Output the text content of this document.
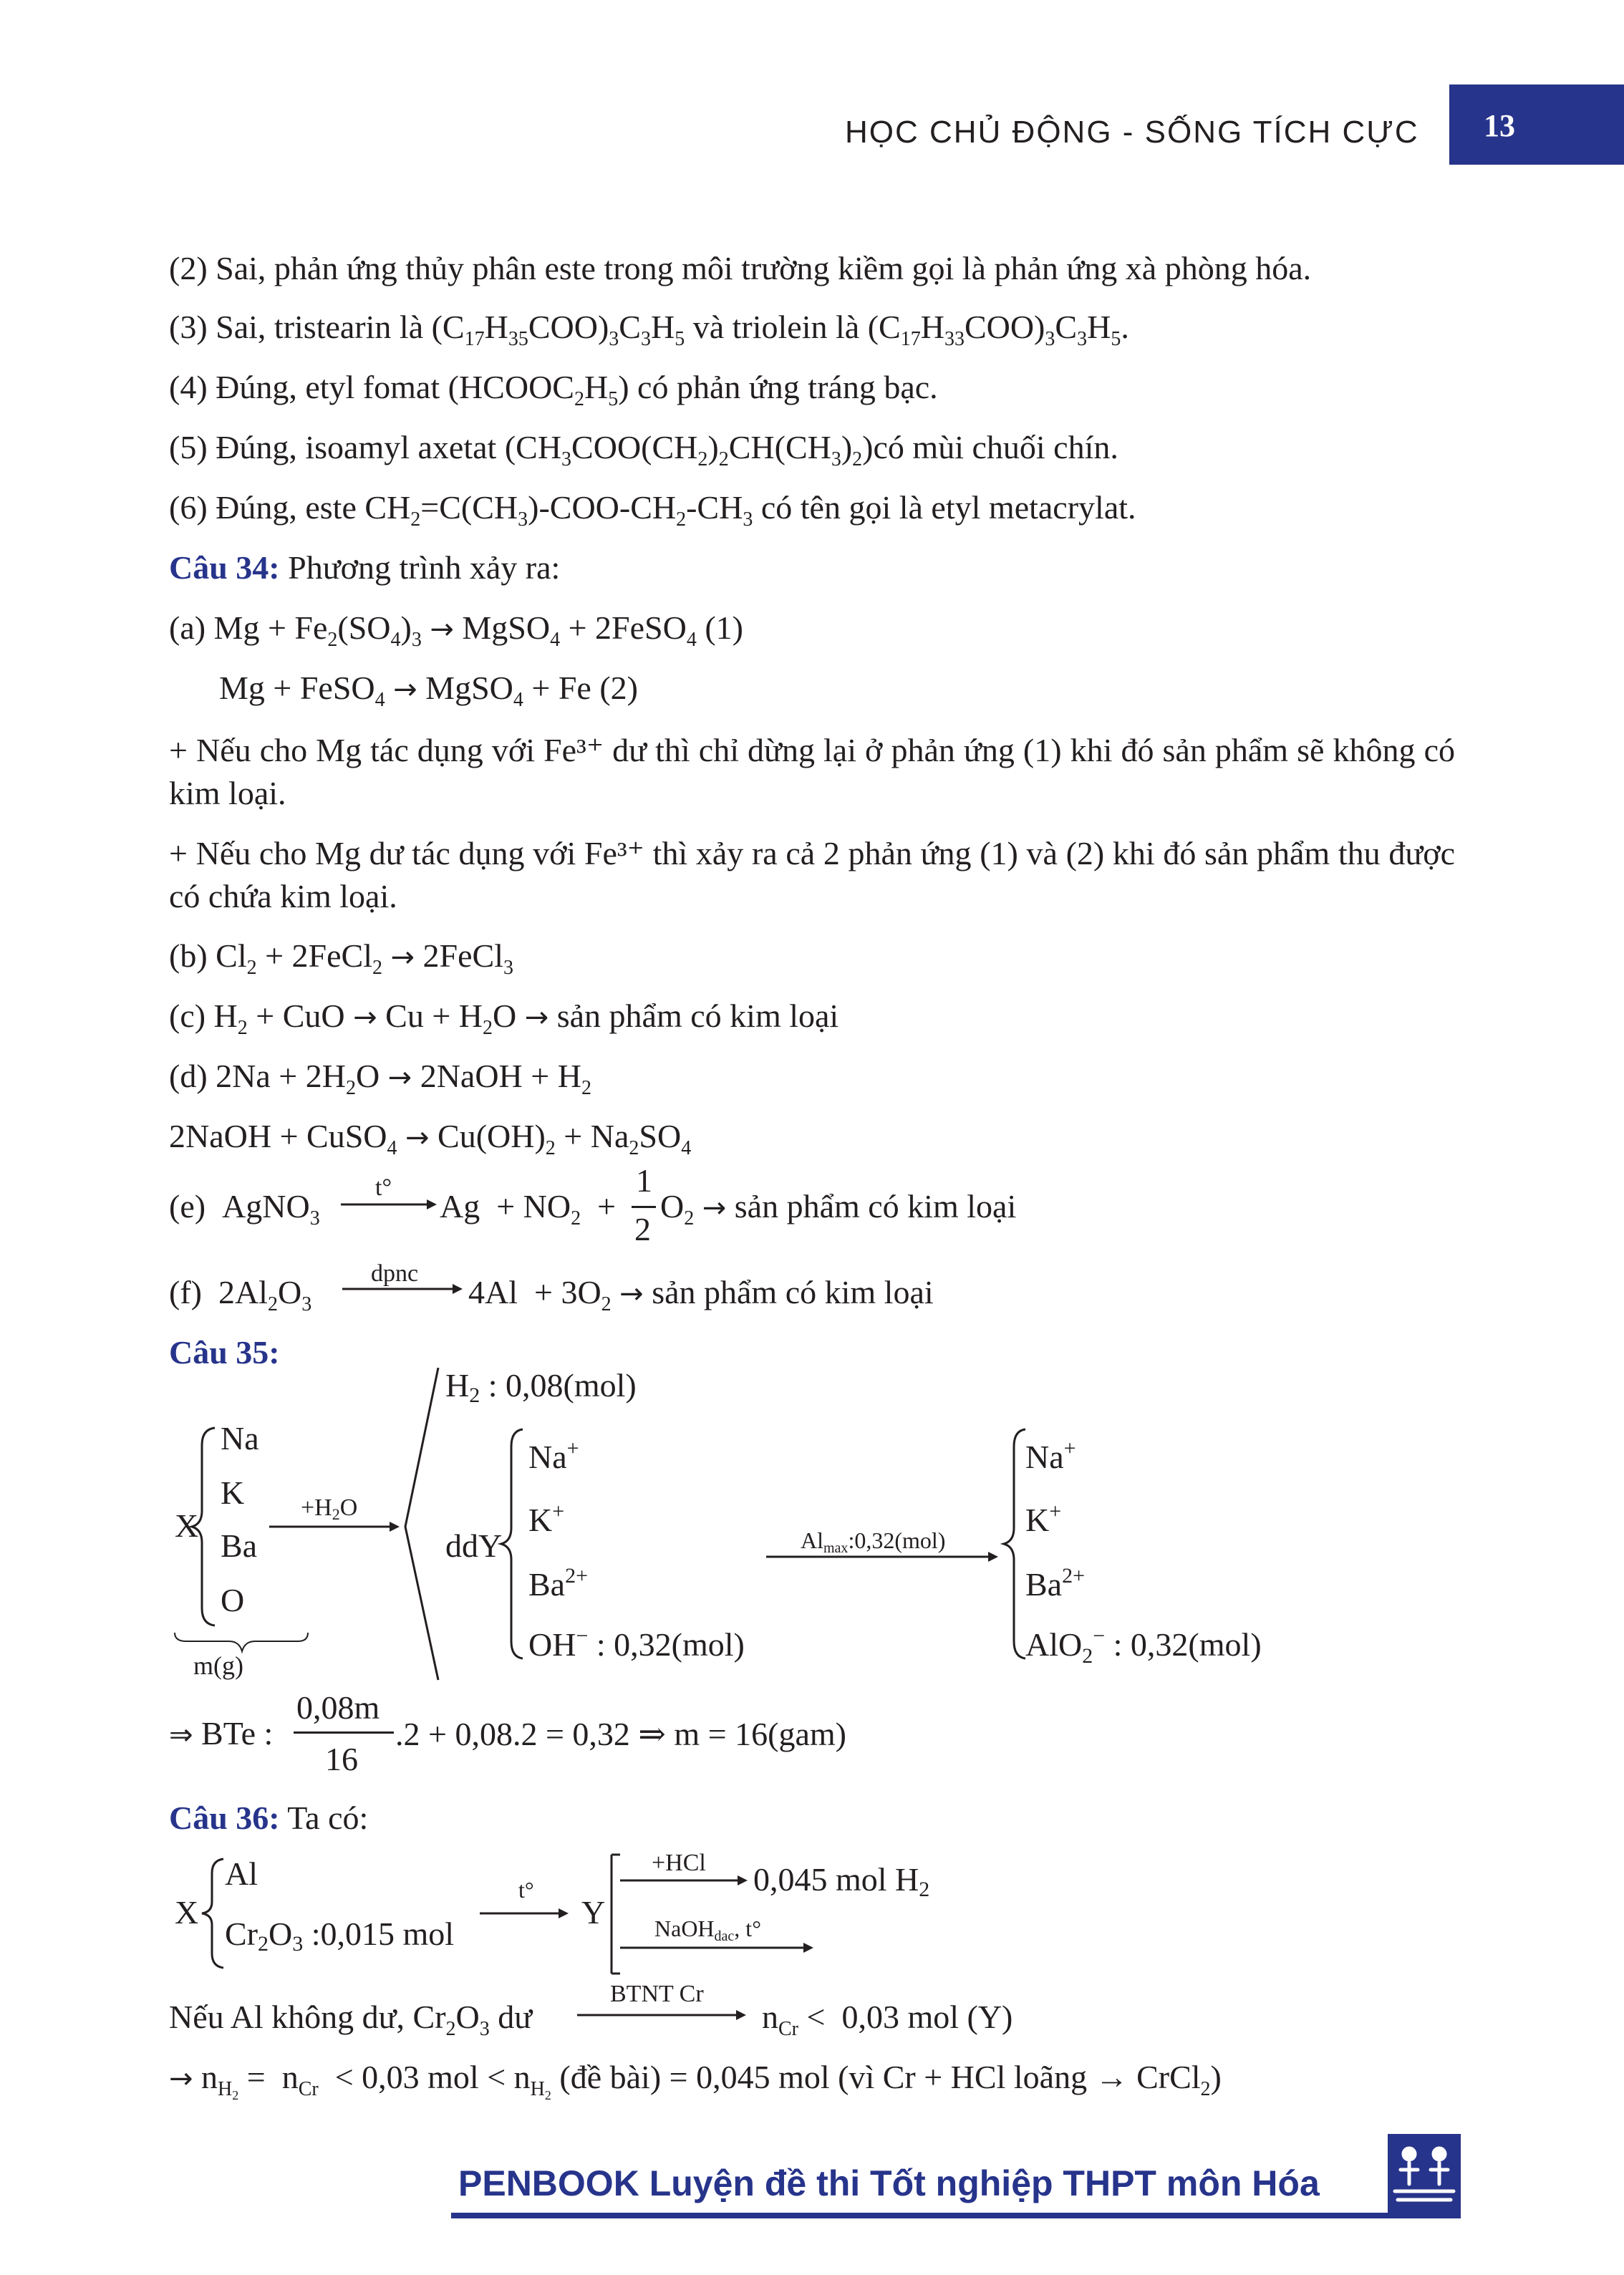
HỌC CHỦ ĐỘNG - SỐNG TÍCH CỰC 13
(2) Sai, phản ứng thủy phân este trong môi trường kiềm gọi là phản ứng xà phòng hóa.
(3) Sai, tristearin là $(C_{17}H_{35}COO)_3C_3H_5$ và triolein là $(C_{17}H_{33}COO)_3C_3H_5$.
(4) Đúng, etyl fomat $(HCOOC_2H_5)$ có phản ứng tráng bạc.
(5) Đúng, isoamyl axetat $(CH_3COO(CH_2)_2CH(CH_3)_2)có$ mùi chuối chín.
(6) Đúng, este $CH_2=C(CH_3)-COO-CH_2-CH_3$ có tên gọi là etyl metacrylat.
Câu 34: Phương trình xảy ra:
(a) $Mg + Fe_2(SO_4)_3$ → MgSO$_4$ + 2FeSO$_4$ (1)
Mg + FeSO$_4$ → MgSO$_4$ + Fe (2)
+ Nếu cho Mg tác dụng với Fe³⁺ dư thì chỉ dừng lại ở phản ứng (1) khi đó sản phẩm sẽ không có kim loại.
+ Nếu cho Mg dư tác dụng với Fe³⁺ thì xảy ra cả 2 phản ứng (1) và (2) khi đó sản phẩm thu được có chứa kim loại.
(b) $Cl_2$ + 2FeCl$_2$ → 2FeCl$_3$
(c) $H_2$ + CuO → $Cu + H_2O$ → sản phẩm có kim loại
(d) $2Na + 2H_2O$ → 2NaOH + $H_2$
2NaOH + CuSO$_4$ → $Cu(OH)_2 + Na_2SO_4$
(e)  AgNO$_3$
t°
$Ag + NO_2$  +
1
2
$O_2$ → sản phẩm có kim loại
(f)  $2Al_2O_3$
dpnc
$4Al + 3O_2$ → sản phẩm có kim loại
Câu 35:
X
Na
K
Ba
O
m(g)
+H2O
H2 : 0,08(mol)
ddY
Na+
K+
$Ba^{2+}$
OH− : 0,32(mol)
Almax:0,32(mol)
Na+
K+
$Ba^{2+}$
AlO$_2$− : 0,32(mol)
⇒ BTe :
0,08m
16
.2 + 0,08.2 = 0,32 ⇒ m = 16(gam)
Câu 36: Ta có:
X
Al
Cr2O3 :0,015 mol
t°
Y
+HCl 0,045 mol H2
NaOHdac, t°
Nếu Al không dư, $Cr_2O_3$ dư
BTNT Cr
$n_{Cr} < 0,03$ mol (Y)
→ $n_{H_2} = n_{Cr} < 0,03$ mol < $n_{H_2}$ (đề bài) = 0,045 mol (vì Cr + HCl loãng → CrCl$_2$)
PENBOOK Luyện đề thi Tốt nghiệp THPT môn Hóa
